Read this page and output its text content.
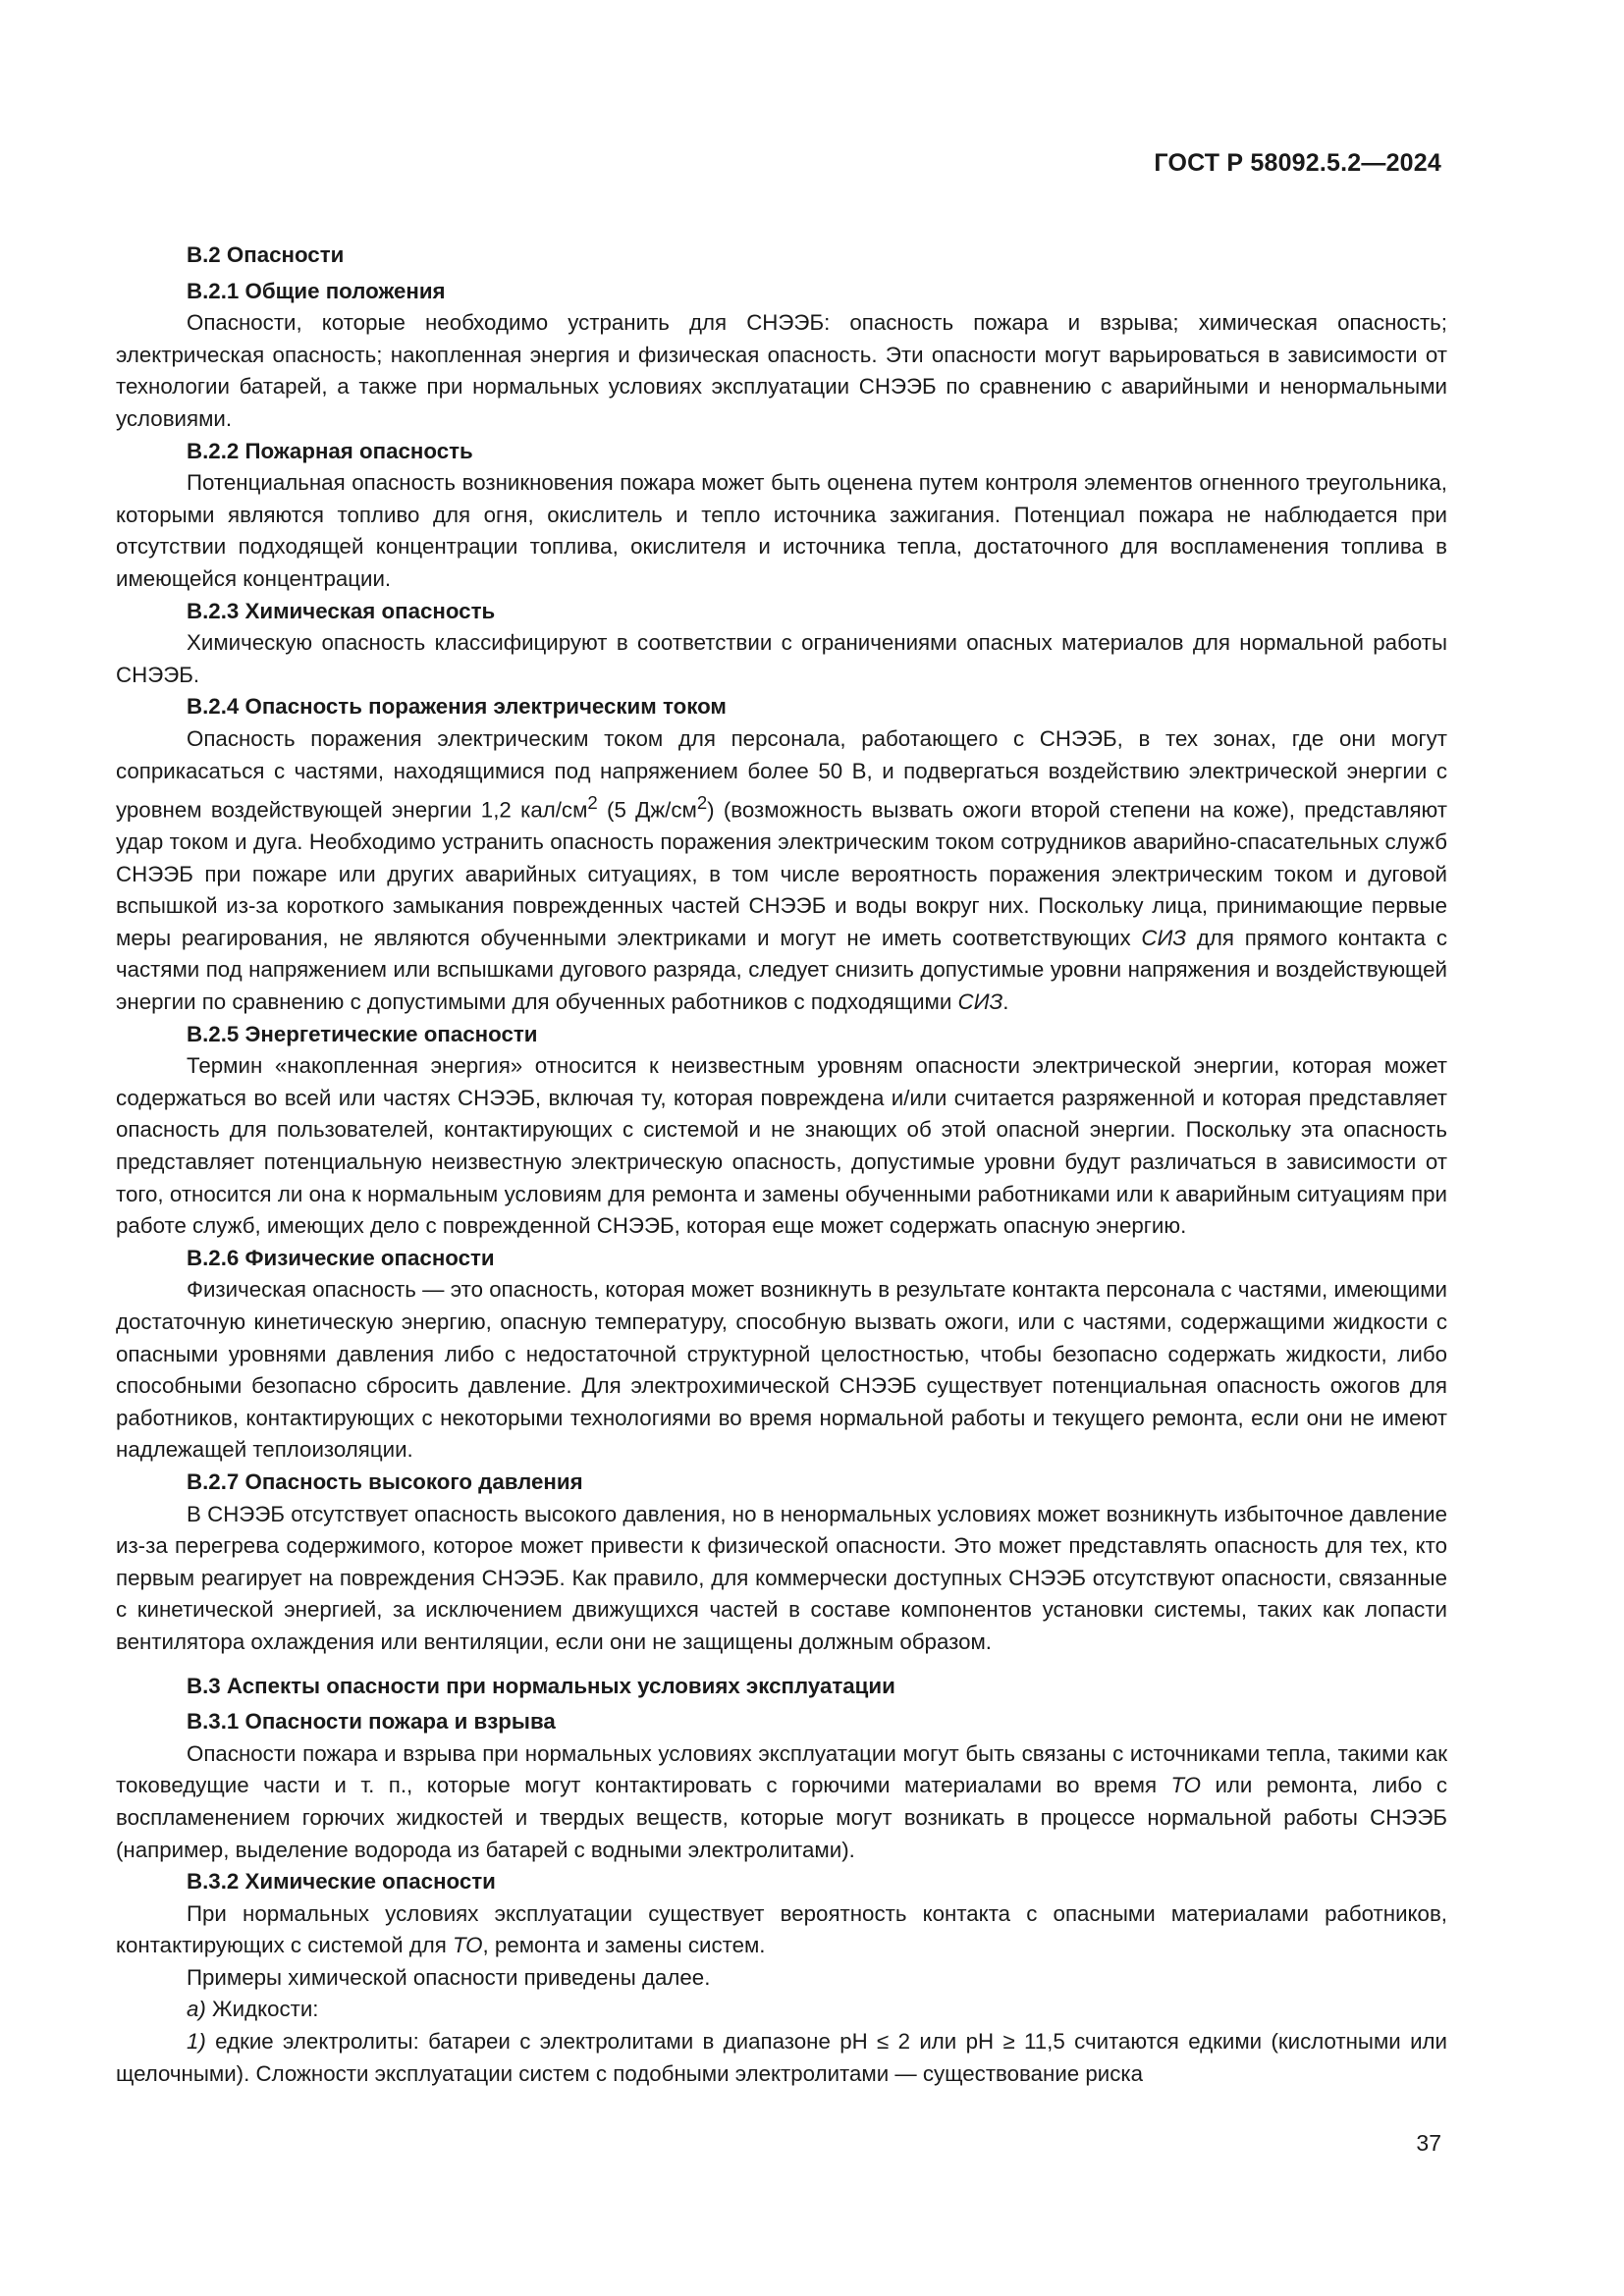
ГОСТ Р 58092.5.2—2024

В.2 Опасности

В.2.1 Общие положения

Опасности, которые необходимо устранить для СНЭЭБ: опасность пожара и взрыва; химическая опасность; электрическая опасность; накопленная энергия и физическая опасность. Эти опасности могут варьироваться в зависимости от технологии батарей, а также при нормальных условиях эксплуатации СНЭЭБ по сравнению с аварийными и ненормальными условиями.

В.2.2 Пожарная опасность

Потенциальная опасность возникновения пожара может быть оценена путем контроля элементов огненного треугольника, которыми являются топливо для огня, окислитель и тепло источника зажигания. Потенциал пожара не наблюдается при отсутствии подходящей концентрации топлива, окислителя и источника тепла, достаточного для воспламенения топлива в имеющейся концентрации.

В.2.3 Химическая опасность

Химическую опасность классифицируют в соответствии с ограничениями опасных материалов для нормальной работы СНЭЭБ.

В.2.4 Опасность поражения электрическим током

Опасность поражения электрическим током для персонала, работающего с СНЭЭБ, в тех зонах, где они могут соприкасаться с частями, находящимися под напряжением более 50 В, и подвергаться воздействию электрической энергии с уровнем воздействующей энергии 1,2 кал/$см^2$ (5 $Дж/см^2$) (возможность вызвать ожоги второй степени на коже), представляют удар током и дуга. Необходимо устранить опасность поражения электрическим током сотрудников аварийно-спасательных служб СНЭЭБ при пожаре или других аварийных ситуациях, в том числе вероятность поражения электрическим током и дуговой вспышкой из-за короткого замыкания поврежденных частей СНЭЭБ и воды вокруг них. Поскольку лица, принимающие первые меры реагирования, не являются обученными электриками и могут не иметь соответствующих СИЗ для прямого контакта с частями под напряжением или вспышками дугового разряда, следует снизить допустимые уровни напряжения и воздействующей энергии по сравнению с допустимыми для обученных работников с подходящими СИЗ.

В.2.5 Энергетические опасности

Термин «накопленная энергия» относится к неизвестным уровням опасности электрической энергии, которая может содержаться во всей или частях СНЭЭБ, включая ту, которая повреждена и/или считается разряженной и которая представляет опасность для пользователей, контактирующих с системой и не знающих об этой опасной энергии. Поскольку эта опасность представляет потенциальную неизвестную электрическую опасность, допустимые уровни будут различаться в зависимости от того, относится ли она к нормальным условиям для ремонта и замены обученными работниками или к аварийным ситуациям при работе служб, имеющих дело с поврежденной СНЭЭБ, которая еще может содержать опасную энергию.

В.2.6 Физические опасности

Физическая опасность — это опасность, которая может возникнуть в результате контакта персонала с частями, имеющими достаточную кинетическую энергию, опасную температуру, способную вызвать ожоги, или с частями, содержащими жидкости с опасными уровнями давления либо с недостаточной структурной целостностью, чтобы безопасно содержать жидкости, либо способными безопасно сбросить давление. Для электрохимической СНЭЭБ существует потенциальная опасность ожогов для работников, контактирующих с некоторыми технологиями во время нормальной работы и текущего ремонта, если они не имеют надлежащей теплоизоляции.

В.2.7 Опасность высокого давления

В СНЭЭБ отсутствует опасность высокого давления, но в ненормальных условиях может возникнуть избыточное давление из-за перегрева содержимого, которое может привести к физической опасности. Это может представлять опасность для тех, кто первым реагирует на повреждения СНЭЭБ. Как правило, для коммерчески доступных СНЭЭБ отсутствуют опасности, связанные с кинетической энергией, за исключением движущихся частей в составе компонентов установки системы, таких как лопасти вентилятора охлаждения или вентиляции, если они не защищены должным образом.

В.3 Аспекты опасности при нормальных условиях эксплуатации

В.3.1 Опасности пожара и взрыва

Опасности пожара и взрыва при нормальных условиях эксплуатации могут быть связаны с источниками тепла, такими как токоведущие части и т. п., которые могут контактировать с горючими материалами во время ТО или ремонта, либо с воспламенением горючих жидкостей и твердых веществ, которые могут возникать в процессе нормальной работы СНЭЭБ (например, выделение водорода из батарей с водными электролитами).

В.3.2 Химические опасности

При нормальных условиях эксплуатации существует вероятность контакта с опасными материалами работников, контактирующих с системой для ТО, ремонта и замены систем.

Примеры химической опасности приведены далее.

а) Жидкости:

1) едкие электролиты: батареи с электролитами в диапазоне pH ≤ 2 или pH ≥ 11,5 считаются едкими (кислотными или щелочными). Сложности эксплуатации систем с подобными электролитами — существование риска

37
